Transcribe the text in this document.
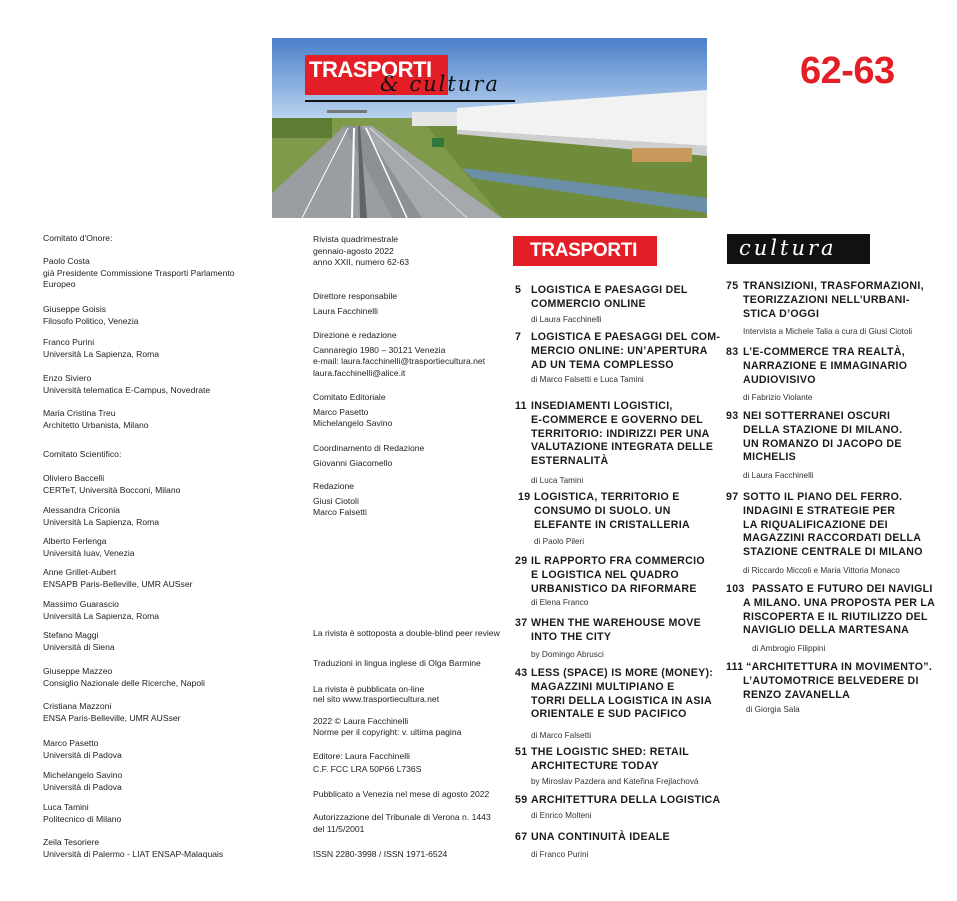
TRASPORTI
& cultura	62-63
Comitato d'Onore:
Paolo Costa
già Presidente Commissione Trasporti Parlamento
Europeo
Giuseppe Goisis
Filosofo Politico, Venezia
Franco Purini
Università La Sapienza, Roma
Enzo Siviero
Università telematica E-Campus, Novedrate
Maria Cristina Treu
Architetto Urbanista, Milano
Comitato Scientifico:
Oliviero Baccelli
CERTeT, Università Bocconi, Milano
Alessandra Criconia
Università La Sapienza, Roma
Alberto Ferlenga
Università Iuav, Venezia
Anne Grillet-Aubert
ENSAPB Paris-Belleville, UMR AUSser
Massimo Guarascio
Università La Sapienza, Roma
Stefano Maggi
Università di Siena
Giuseppe Mazzeo
Consiglio Nazionale delle Ricerche, Napoli
Cristiana Mazzoni
ENSA Paris-Belleville, UMR AUSser
Marco Pasetto
Università di Padova
Michelangelo Savino
Università di Padova
Luca Tamini
Politecnico di Milano
Zeila Tesoriere
Università di Palermo - LIAT ENSAP-Malaquais
Rivista quadrimestrale
gennaio-agosto 2022
anno XXII, numero 62-63
Direttore responsabile
Laura Facchinelli
Direzione e redazione
Cannaregio 1980 – 30121 Venezia
e-mail: laura.facchinelli@trasportiecultura.net
laura.facchinelli@alice.it
Comitato Editoriale
Marco Pasetto
Michelangelo Savino
Coordinamento di Redazione
Giovanni Giacomello
Redazione
Giusi Ciotoli
Marco Falsetti
La rivista è sottoposta a double-blind peer review
Traduzioni in lingua inglese di Olga Barmine
La rivista è pubblicata on-line
nel sito www.trasportiecultura.net
2022 © Laura Facchinelli
Norme per il copyright: v. ultima pagina
Editore: Laura Facchinelli
C.F. FCC LRA 50P66 L736S
Pubblicato a Venezia nel mese di agosto 2022
Autorizzazione del Tribunale di Verona n. 1443
del 11/5/2001
ISSN 2280-3998 / ISSN 1971-6524
TRASPORTI	cultura
5 LOGISTICA E PAESAGGI DEL
COMMERCIO ONLINE
di Laura Facchinelli
7 LOGISTICA E PAESAGGI DEL COM-
MERCIO ONLINE: UN’APERTURA
AD UN TEMA COMPLESSO
di Marco Falsetti e Luca Tamini
11 INSEDIAMENTI LOGISTICI,
E-COMMERCE E GOVERNO DEL
TERRITORIO: INDIRIZZI PER UNA
VALUTAZIONE INTEGRATA DELLE
ESTERNALITÀ
di Luca Tamini
19 LOGISTICA, TERRITORIO E
CONSUMO DI SUOLO. UN
ELEFANTE IN CRISTALLERIA
di Paolo Pileri
29 IL RAPPORTO FRA COMMERCIO
E LOGISTICA NEL QUADRO
URBANISTICO DA RIFORMARE
di Elena Franco
37 WHEN THE WAREHOUSE MOVE
INTO THE CITY
by Domingo Abrusci
43 LESS (SPACE) IS MORE (MONEY):
MAGAZZINI MULTIPIANO E
TORRI DELLA LOGISTICA IN ASIA
ORIENTALE E SUD PACIFICO
di Marco Falsetti
51 THE LOGISTIC SHED: RETAIL
ARCHITECTURE TODAY
by Miroslav Pazdera and Kateřina Frejlachová
59 ARCHITETTURA DELLA LOGISTICA
di Enrico Molteni
67 UNA CONTINUITÀ IDEALE
di Franco Purini
75 TRANSIZIONI, TRASFORMAZIONI,
TEORIZZAZIONI NELL’URBANI-
STICA D’OGGI
Intervista a Michele Talia a cura di Giusi Ciotoli
83 L’E-COMMERCE TRA REALTÀ,
NARRAZIONE E IMMAGINARIO
AUDIOVISIVO
di Fabrizio Violante
93 NEI SOTTERRANEI OSCURI
DELLA STAZIONE DI MILANO.
UN ROMANZO DI JACOPO DE
MICHELIS
di Laura Facchinelli
97 SOTTO IL PIANO DEL FERRO.
INDAGINI E STRATEGIE PER
LA RIQUALIFICAZIONE DEI
MAGAZZINI RACCORDATI DELLA
STAZIONE CENTRALE DI MILANO
di Riccardo Miccoli e Maria Vittoria Monaco
103 PASSATO E FUTURO DEI NAVIGLI
A MILANO. UNA PROPOSTA PER LA
RISCOPERTA E IL RIUTILIZZO DEL
NAVIGLIO DELLA MARTESANA
di Ambrogio Filippini
111 “ARCHITETTURA IN MOVIMENTO”.
L’AUTOMOTRICE BELVEDERE DI
RENZO ZAVANELLA
di Giorgia Sala
